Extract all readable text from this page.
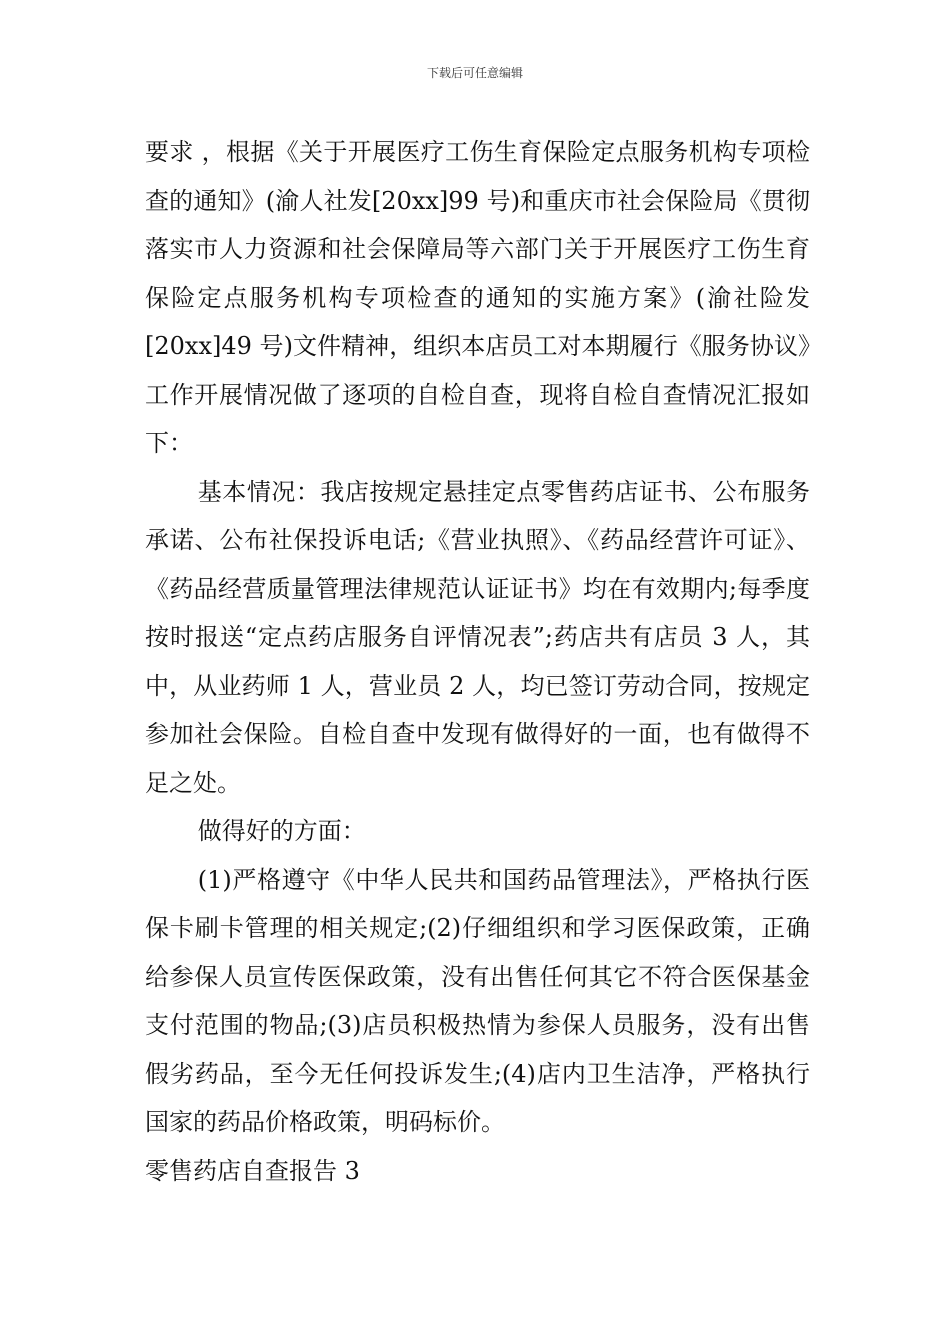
下载后可任意编辑

要求 ，根据《关于开展医疗工伤生育保险定点服务机构专项检查的通知》(渝人社发[20xx]99 号)和重庆市社会保险局《贯彻落实市人力资源和社会保障局等六部门关于开展医疗工伤生育保险定点服务机构专项检查的通知的实施方案》(渝社险发[20xx]49 号)文件精神，组织本店员工对本期履行《服务协议》工作开展情况做了逐项的自检自查，现将自检自查情况汇报如下：

基本情况：我店按规定悬挂定点零售药店证书、公布服务承诺、公布社保投诉电话;《营业执照》、《药品经营许可证》、《药品经营质量管理法律规范认证证书》均在有效期内;每季度按时报送“定点药店服务自评情况表”;药店共有店员 3 人，其中，从业药师 1 人，营业员 2 人，均已签订劳动合同，按规定参加社会保险。自检自查中发现有做得好的一面，也有做得不足之处。

做得好的方面：

(1)严格遵守《中华人民共和国药品管理法》，严格执行医保卡刷卡管理的相关规定;(2)仔细组织和学习医保政策，正确给参保人员宣传医保政策，没有出售任何其它不符合医保基金支付范围的物品;(3)店员积极热情为参保人员服务，没有出售假劣药品，至今无任何投诉发生;(4)店内卫生洁净，严格执行国家的药品价格政策，明码标价。

零售药店自查报告 3
